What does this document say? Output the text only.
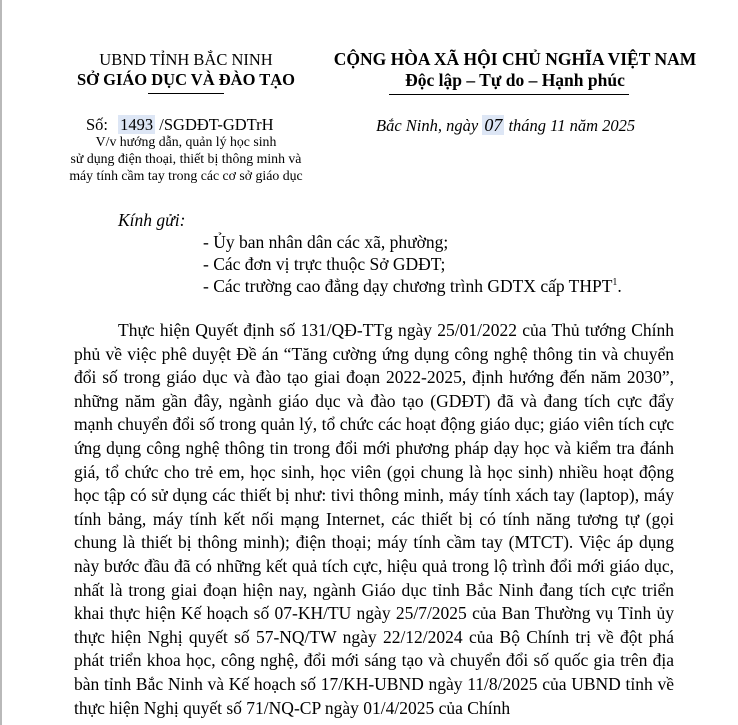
UBND TỈNH BẮC NINH
SỞ GIÁO DỤC VÀ ĐÀO TẠO
CỘNG HÒA XÃ HỘI CHỦ NGHĨA VIỆT NAM
Độc lập – Tự do – Hạnh phúc
Số: 1493 /SGDĐT-GDTrH	Bắc Ninh, ngày 07 tháng 11 năm 2025
V/v hướng dẫn, quản lý học sinh
sử dụng điện thoại, thiết bị thông minh và
máy tính cầm tay trong các cơ sở giáo dục
Kính gửi:
- Ủy ban nhân dân các xã, phường;
- Các đơn vị trực thuộc Sở GDĐT;
- Các trường cao đẳng dạy chương trình GDTX cấp THPT$^1$.

Thực hiện Quyết định số 131/QĐ-TTg ngày 25/01/2022 của Thủ tướng Chính phủ về việc phê duyệt Đề án “Tăng cường ứng dụng công nghệ thông tin và chuyển đổi số trong giáo dục và đào tạo giai đoạn 2022-2025, định hướng đến năm 2030”, những năm gần đây, ngành giáo dục và đào tạo (GDĐT) đã và đang tích cực đẩy mạnh chuyển đổi số trong quản lý, tổ chức các hoạt động giáo dục; giáo viên tích cực ứng dụng công nghệ thông tin trong đổi mới phương pháp dạy học và kiểm tra đánh giá, tổ chức cho trẻ em, học sinh, học viên (gọi chung là học sinh) nhiều hoạt động học tập có sử dụng các thiết bị như: tivi thông minh, máy tính xách tay (laptop), máy tính bảng, máy tính kết nối mạng Internet, các thiết bị có tính năng tương tự (gọi chung là thiết bị thông minh); điện thoại; máy tính cầm tay (MTCT). Việc áp dụng này bước đầu đã có những kết quả tích cực, hiệu quả trong lộ trình đổi mới giáo dục, nhất là trong giai đoạn hiện nay, ngành Giáo dục tỉnh Bắc Ninh đang tích cực triển khai thực hiện Kế hoạch số 07-KH/TU ngày 25/7/2025 của Ban Thường vụ Tỉnh ủy thực hiện Nghị quyết số 57-NQ/TW ngày 22/12/2024 của Bộ Chính trị về đột phá phát triển khoa học, công nghệ, đổi mới sáng tạo và chuyển đổi số quốc gia trên địa bàn tỉnh Bắc Ninh và Kế hoạch số 17/KH-UBND ngày 11/8/2025 của UBND tỉnh về thực hiện Nghị quyết số 71/NQ-CP ngày 01/4/2025 của Chính
